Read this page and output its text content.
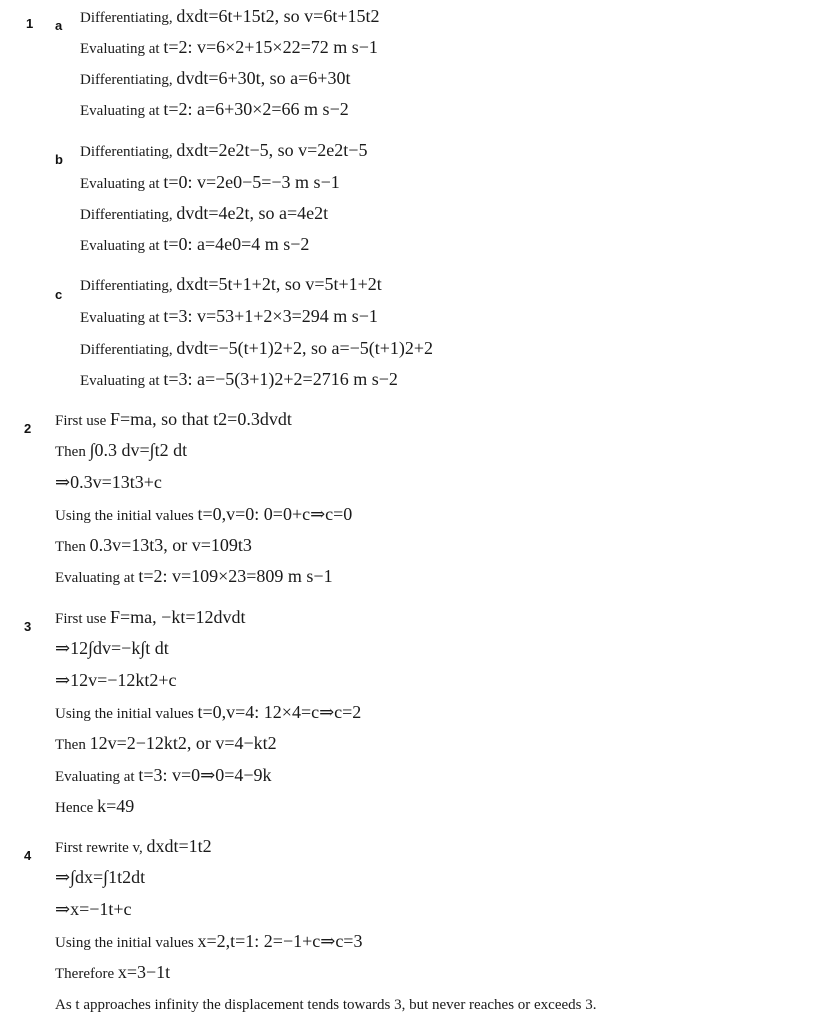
1 a Differentiating, dxdt=6t+15t2, so v=6t+15t2
Evaluating at t=2: v=6×2+15×22=72 m s−1
Differentiating, dvdt=6+30t, so a=6+30t
Evaluating at t=2: a=6+30×2=66 m s−2
b Differentiating, dxdt=2e2t−5, so v=2e2t−5
Evaluating at t=0: v=2e0−5=−3 m s−1
Differentiating, dvdt=4e2t, so a=4e2t
Evaluating at t=0: a=4e0=4 m s−2
c
Differentiating, dxdt=5t+1+2t, so v=5t+1+2t
Evaluating at t=3: v=53+1+2×3=294 m s−1
Differentiating, dvdt=−5(t+1)2+2, so a=−5(t+1)2+2
Evaluating at t=3: a=−5(3+1)2+2=2716 m s−2
2 First use F=ma, so that t2=0.3dvdt
Then ∫0.3 dv=∫t2 dt
⇒0.3v=13t3+c
Using the initial values t=0,v=0: 0=0+c⇒c=0
Then 0.3v=13t3, or v=109t3
Evaluating at t=2: v=109×23=809 m s−1
3 First use F=ma, −kt=12dvdt
⇒12∫dv=−k∫t dt
⇒12v=−12kt2+c
Using the initial values t=0,v=4: 12×4=c⇒c=2
Then 12v=2−12kt2, or v=4−kt2
Evaluating at t=3: v=0⇒0=4−9k
Hence k=49
4 First rewrite v, dxdt=1t2
⇒∫dx=∫1t2dt
⇒x=−1t+c
Using the initial values x=2,t=1: 2=−1+c⇒c=3
Therefore x=3−1t
As t approaches infinity the displacement tends towards 3, but never reaches or exceeds 3.
